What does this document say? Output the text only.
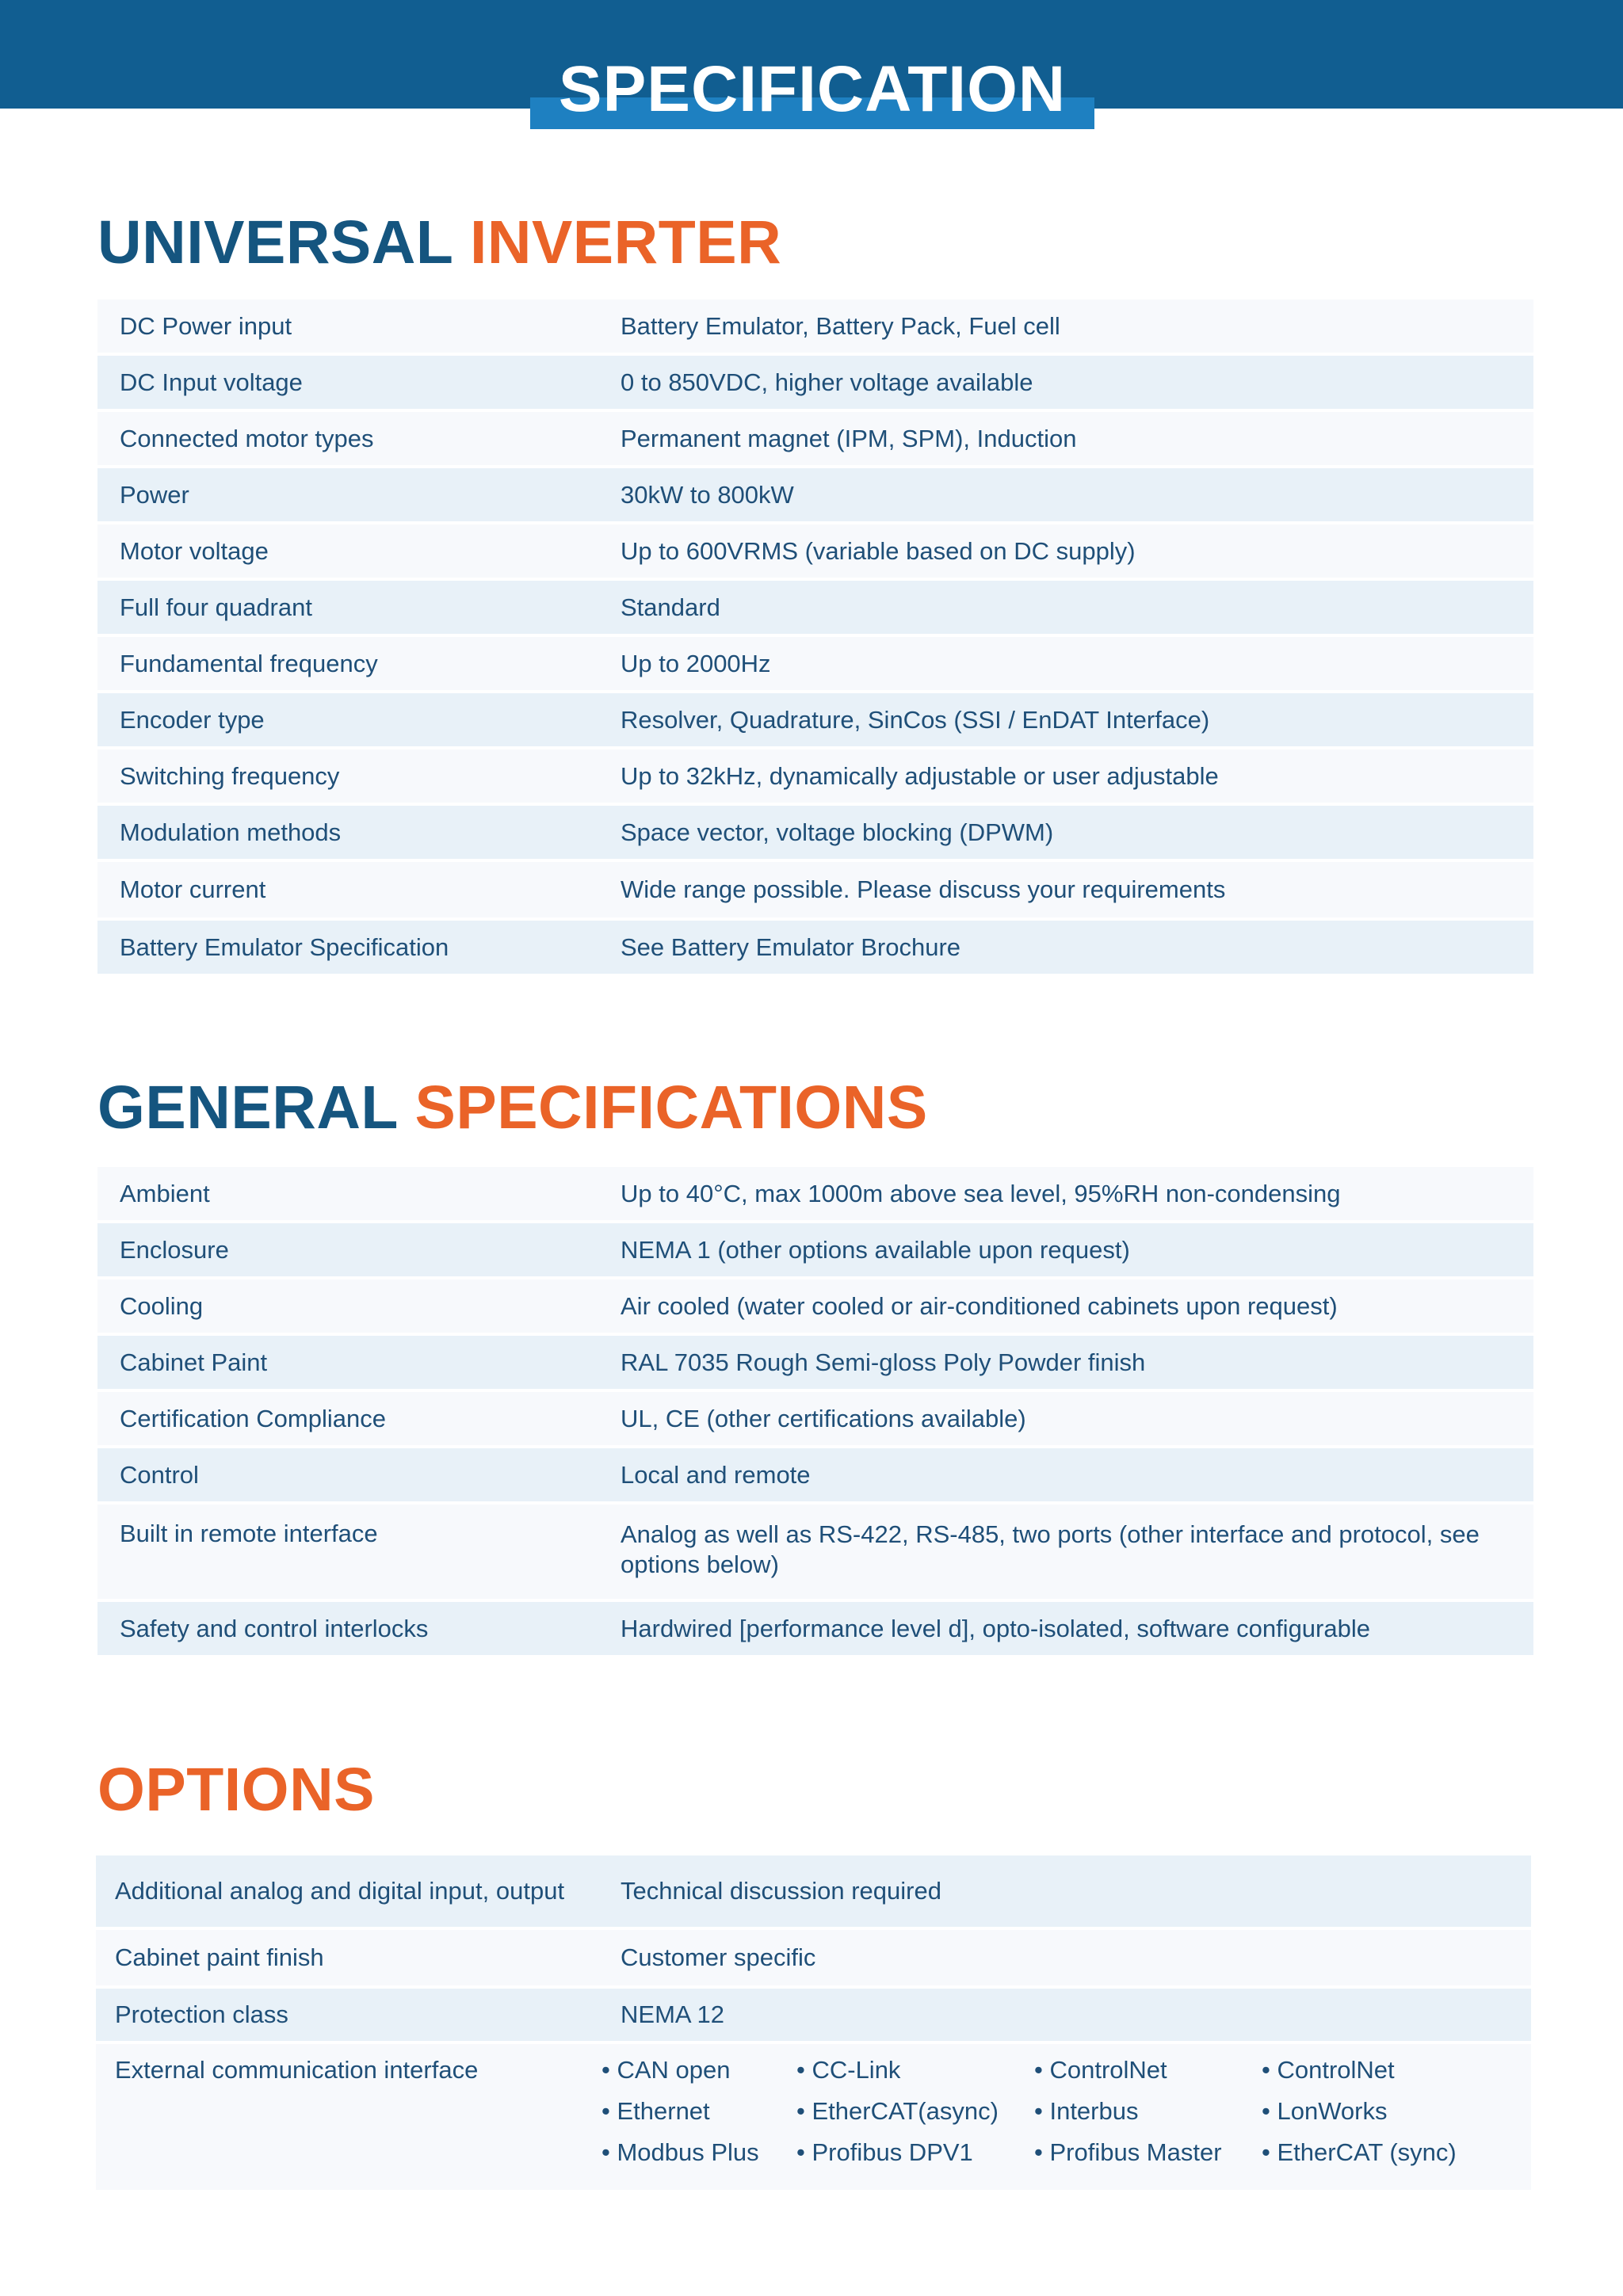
SPECIFICATION
UNIVERSAL INVERTER
DC Power input	Battery Emulator, Battery Pack, Fuel cell
DC Input voltage	0 to 850VDC, higher voltage available
Connected motor types	Permanent magnet (IPM, SPM), Induction
Power	30kW to 800kW
Motor voltage	Up to 600VRMS (variable based on DC supply)
Full four quadrant	Standard
Fundamental frequency	Up to 2000Hz
Encoder type	Resolver, Quadrature, SinCos (SSI / EnDAT Interface)
Switching frequency	Up to 32kHz, dynamically adjustable or user adjustable
Modulation methods	Space vector, voltage blocking (DPWM)
Motor current	Wide range possible. Please discuss your requirements
Battery Emulator Specification	See Battery Emulator Brochure
GENERAL SPECIFICATIONS
Ambient	Up to 40°C, max 1000m above sea level, 95%RH non-condensing
Enclosure	NEMA 1 (other options available upon request)
Cooling	Air cooled (water cooled or air-conditioned cabinets upon request)
Cabinet Paint	RAL 7035 Rough Semi-gloss Poly Powder finish
Certification Compliance	UL, CE (other certifications available)
Control	Local and remote
Built in remote interface	Analog as well as RS-422, RS-485, two ports (other interface and protocol, see options below)
Safety and control interlocks	Hardwired [performance level d], opto-isolated, software configurable
OPTIONS
Additional analog and digital input, output	Technical discussion required
Cabinet paint finish	Customer specific
Protection class	NEMA 12
External communication interface	• CAN open	• CC-Link	• ControlNet	• ControlNet
• Ethernet	• EtherCAT(async)	• Interbus	• LonWorks
• Modbus Plus	• Profibus DPV1	• Profibus Master	• EtherCAT (sync)
